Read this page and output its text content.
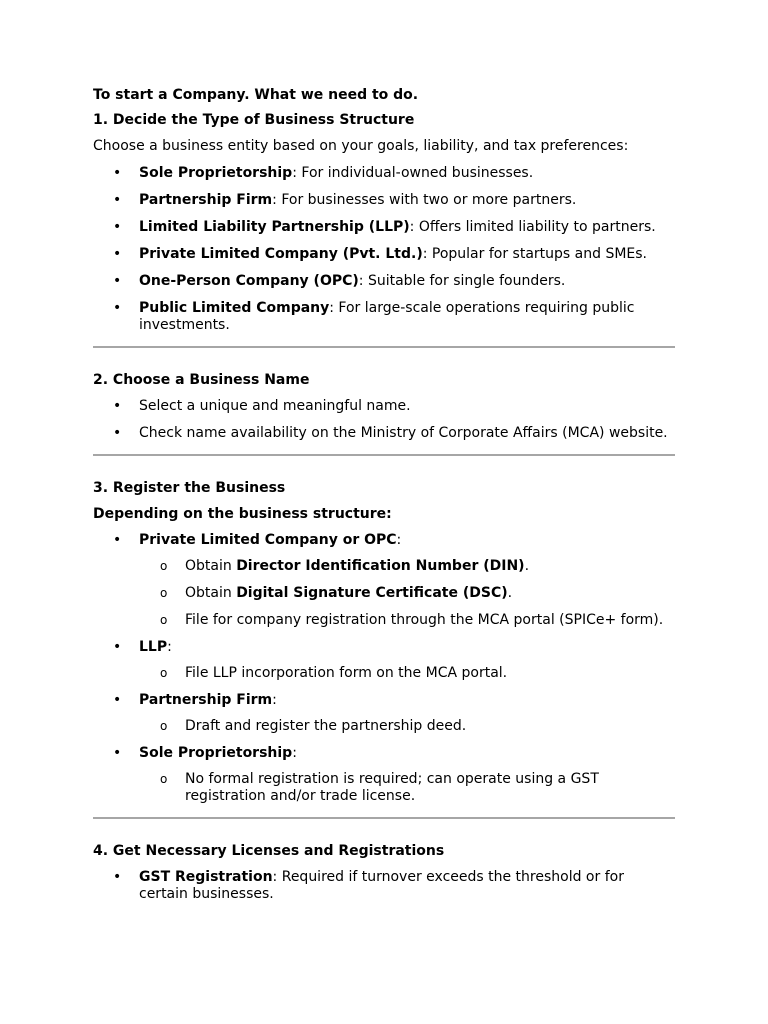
To start a Company. What we need to do.

1. Decide the Type of Business Structure

Choose a business entity based on your goals, liability, and tax preferences:

• Sole Proprietorship: For individual-owned businesses.
• Partnership Firm: For businesses with two or more partners.
• Limited Liability Partnership (LLP): Offers limited liability to partners.
• Private Limited Company (Pvt. Ltd.): Popular for startups and SMEs.
• One-Person Company (OPC): Suitable for single founders.
• Public Limited Company: For large-scale operations requiring public investments.

2. Choose a Business Name

• Select a unique and meaningful name.
• Check name availability on the Ministry of Corporate Affairs (MCA) website.

3. Register the Business

Depending on the business structure:

• Private Limited Company or OPC:
o Obtain Director Identification Number (DIN).
o Obtain Digital Signature Certificate (DSC).
o File for company registration through the MCA portal (SPICe+ form).
• LLP:
o File LLP incorporation form on the MCA portal.
• Partnership Firm:
o Draft and register the partnership deed.
• Sole Proprietorship:
o No formal registration is required; can operate using a GST registration and/or trade license.

4. Get Necessary Licenses and Registrations

• GST Registration: Required if turnover exceeds the threshold or for certain businesses.
